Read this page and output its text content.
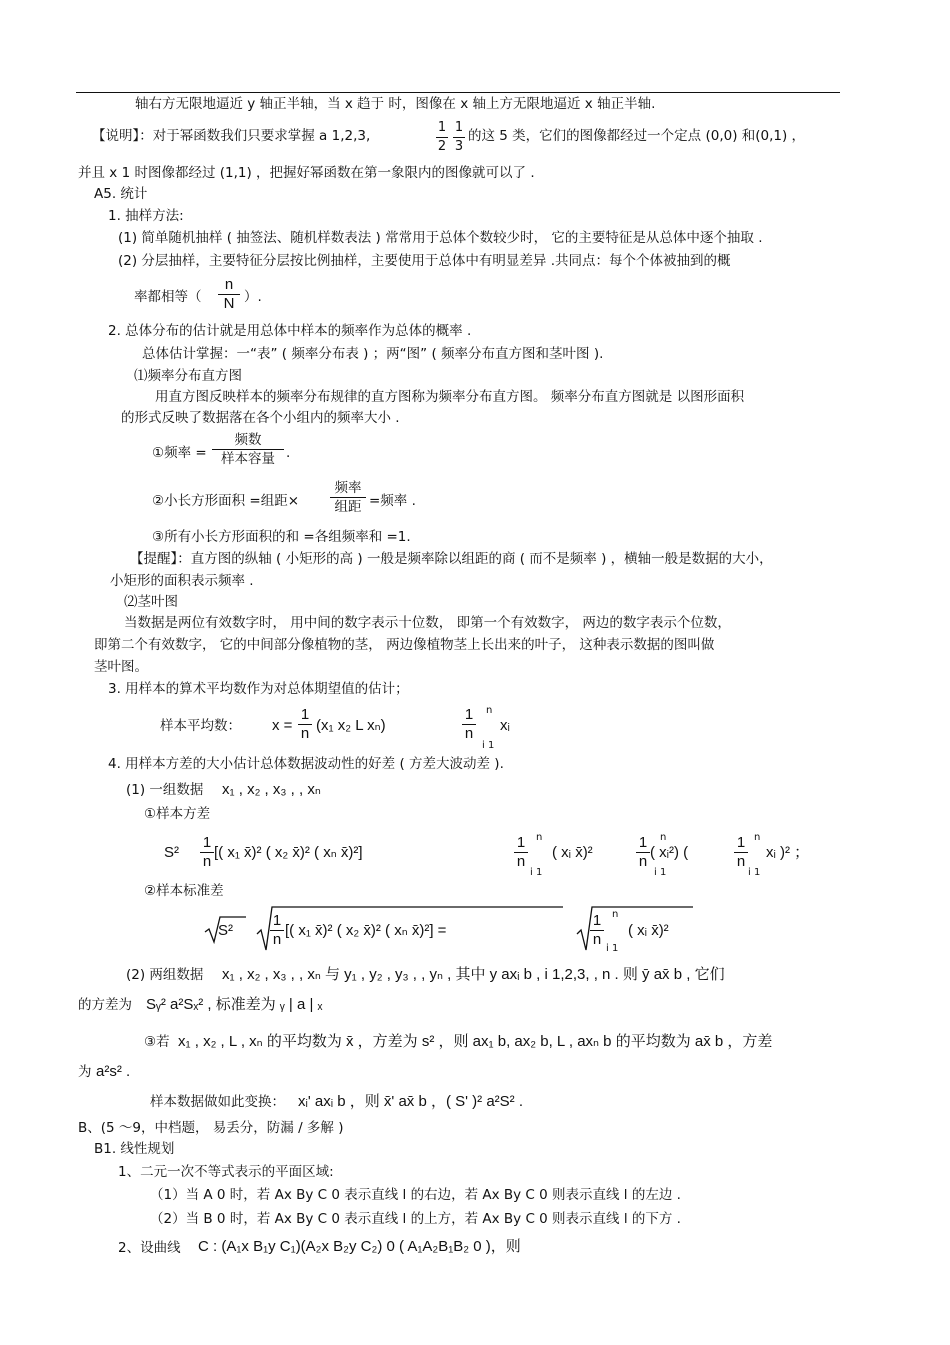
轴右方无限地逼近 y 轴正半轴，当 x 趋于 时，图像在 x 轴上方无限地逼近 x 轴正半轴.
【说明】：对于幂函数我们只要求掌握 a 1,2,3,	$\frac{1}{2} \frac{1}{3}$ 的这 5 类，它们的图像都经过一个定点 (0,0) 和(0,1) ，
并且 x 1 时图像都经过 (1,1) ，把握好幂函数在第一象限内的图像就可以了 .
A5. 统计
1. 抽样方法:
(1) 简单随机抽样 ( 抽签法、随机样数表法 ) 常常用于总体个数较少时， 它的主要特征是从总体中逐个抽取 .
(2) 分层抽样，主要特征分层按比例抽样，主要使用于总体中有明显差异 .共同点：每个个体被抽到的概
率都相等（ $\frac{n}{N}$ ）.
2. 总体分布的估计就是用总体中样本的频率作为总体的概率 .
总体估计掌握：一“表” ( 频率分布表 ) ；两“图” ( 频率分布直方图和茎叶图 ).
⑴频率分布直方图
用直方图反映样本的频率分布规律的直方图称为频率分布直方图。 频率分布直方图就是 以图形面积
的形式反映了数据落在各个小组内的频率大小 .
①频率 =
频数
样本容量 .
②小长方形面积 =组距×
频率
组距 =频率 .
③所有小长方形面积的和 =各组频率和 =1.
【提醒】：直方图的纵轴 ( 小矩形的高 ) 一般是频率除以组距的商 ( 而不是频率 ) ，横轴一般是数据的大小，
小矩形的面积表示频率 .
⑵茎叶图
当数据是两位有效数字时， 用中间的数字表示十位数， 即第一个有效数字， 两边的数字表示个位数，
即第二个有效数字， 它的中间部分像植物的茎， 两边像植物茎上长出来的叶子， 这种表示数据的图叫做
茎叶图。
3. 用样本的算术平均数作为对总体期望值的估计；
样本平均数： $x = \frac{1}{n} (x_1$ x₂ L xₙ)	$\frac{1}{n}$ n
i 1
xᵢ
4. 用样本方差的大小估计总体数据波动性的好差 ( 方差大波动差 ).
(1) 一组数据 x₁ , x₂ , x₃ , , xₙ
①样本方差
$S^2 \frac{1}{n}$ [( x₁ x̄)² ( x₂ x̄)² ( xₙ x̄)²]	$\frac{1}{n}$ n
i 1
( xᵢ x̄)²	$\frac{1}{n}$ n
i 1
( xᵢ²) (	$\frac{1}{n}$ n
i 1
xᵢ )² ；
②样本标准差
$S^2 \frac{1}{n}$ [( x₁ x̄)² ( x₂ x̄)² ( xₙ x̄)²] =	$\frac{1}{n}$ n
i 1
( xᵢ x̄)²
(2) 两组数据 x₁ , x₂ , x₃ , , xₙ 与 y₁ , y₂ , y₃ , , yₙ , 其中 y axᵢ b , i 1,2,3, , n . 则 ȳ ax̄ b , 它们
的方差为 Sᵧ² a²Sₓ² , 标准差为 ᵧ | a | ₓ
③若 x₁ , x₂ , L , xₙ 的平均数为 x̄ ，方差为 s² ，则 ax₁ b, ax₂ b, L , axₙ b 的平均数为 ax̄ b ，方差
为 a²s² .
样本数据做如此变换： xᵢ' axᵢ b ，则 x̄' ax̄ b ，( S' )² a²S² .
B、(5 ～9，中档题， 易丢分，防漏 / 多解 )
B1. 线性规划
1、二元一次不等式表示的平面区域:
（1）当 A 0 时，若 Ax By C 0 表示直线 l 的右边，若 Ax By C 0 则表示直线 l 的左边 .
（2）当 B 0 时，若 Ax By C 0 表示直线 l 的上方，若 Ax By C 0 则表示直线 l 的下方 .
2、设曲线 C : (A₁x B₁y C₁)(A₂x B₂y C₂) 0 ( A₁A₂B₁B₂ 0 )，则
